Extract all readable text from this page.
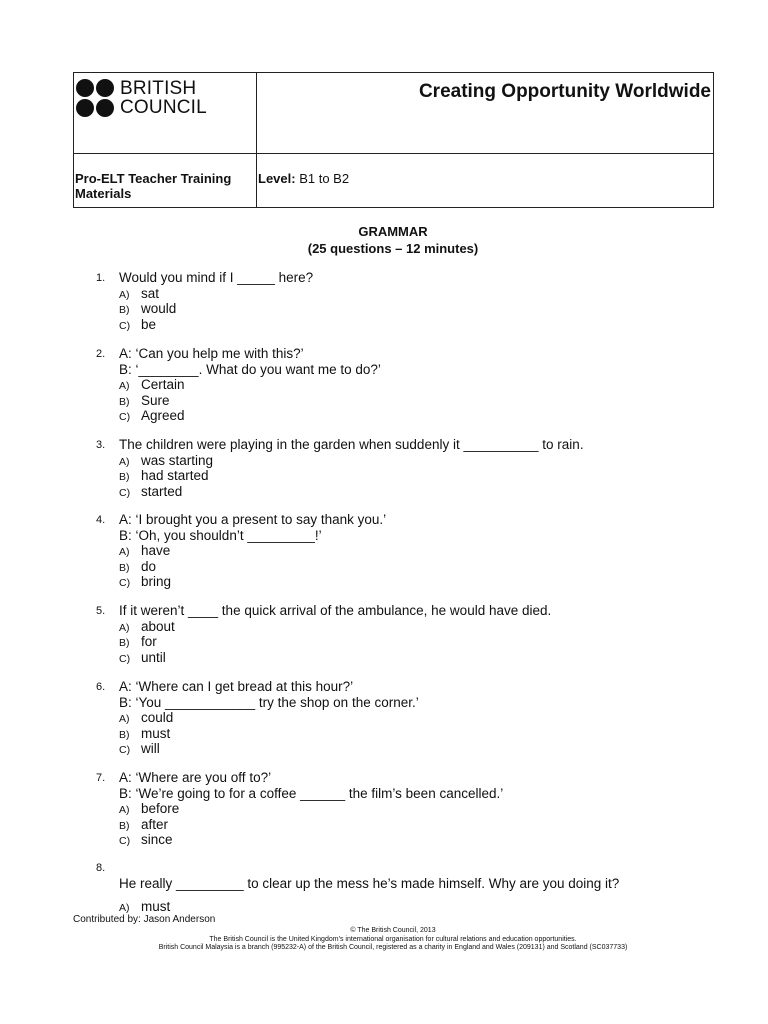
BRITISH
COUNCIL
Creating Opportunity Worldwide
Pro-ELT Teacher Training Materials
Level: B1 to B2
GRAMMAR
(25 questions – 12 minutes)
1. Would you mind if I _____ here?
A) sat
B) would
C) be
2. A: ‘Can you help me with this?’
B: ‘________. What do you want me to do?’
A) Certain
B) Sure
C) Agreed
3. The children were playing in the garden when suddenly it __________ to rain.
A) was starting
B) had started
C) started
4. A: ‘I brought you a present to say thank you.’
B: ‘Oh, you shouldn’t _________!’
A) have
B) do
C) bring
5. If it weren’t ____ the quick arrival of the ambulance, he would have died.
A) about
B) for
C) until
6. A: ‘Where can I get bread at this hour?’
B: ‘You ____________ try the shop on the corner.’
A) could
B) must
C) will
7. A: ‘Where are you off to?’
B: ‘We’re going to for a coffee ______ the film’s been cancelled.’
A) before
B) after
C) since
8.
He really _________ to clear up the mess he’s made himself. Why are you doing it?
A) must
Contributed by: Jason Anderson
© The British Council, 2013
The British Council is the United Kingdom’s international organisation for cultural relations and education opportunities.
British Council Malaysia is a branch (995232-A) of the British Council, registered as a charity in England and Wales (209131) and Scotland (SC037733)
